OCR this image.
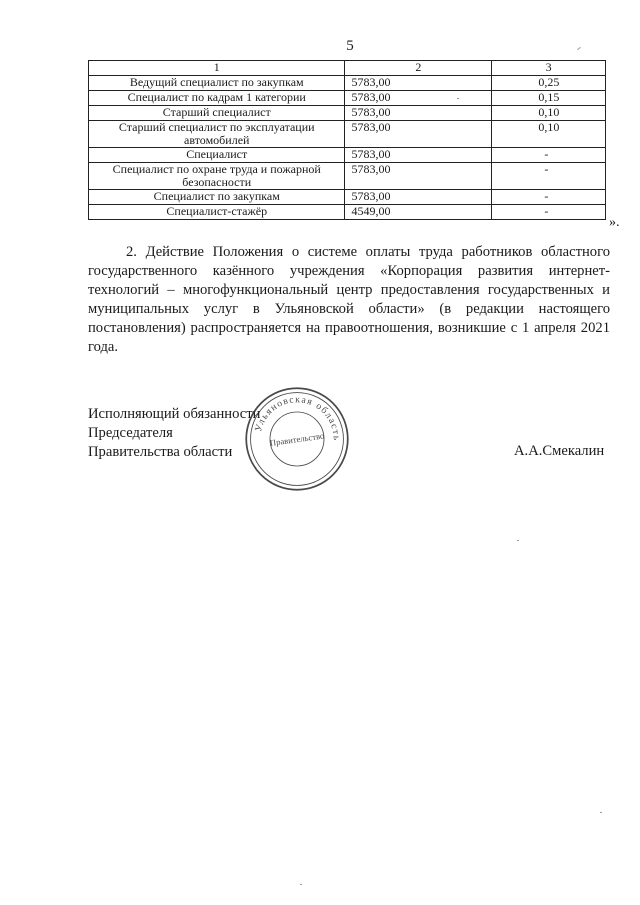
5
1	2	3
Ведущий специалист по закупкам	5783,00	0,25
Специалист по кадрам 1 категории	5783,00	0,15
Старший специалист	5783,00	0,10
Старший специалист по эксплуатации автомобилей	5783,00	0,10
Специалист	5783,00	-
Специалист по охране труда и пожарной безопасности	5783,00	-
Специалист по закупкам	5783,00	-
Специалист-стажёр	4549,00	-
».
2. Действие Положения о системе оплаты труда работников областного государственного казённого учреждения «Корпорация развития интернет-технологий – многофункциональный центр предоставления государственных и муниципальных услуг в Ульяновской области» (в редакции настоящего постановления) распространяется на правоотношения, возникшие с 1 апреля 2021 года.
Исполняющий обязанности
Председателя
Правительства области	А.А.Смекалин
Ульяновская область
Правительство
